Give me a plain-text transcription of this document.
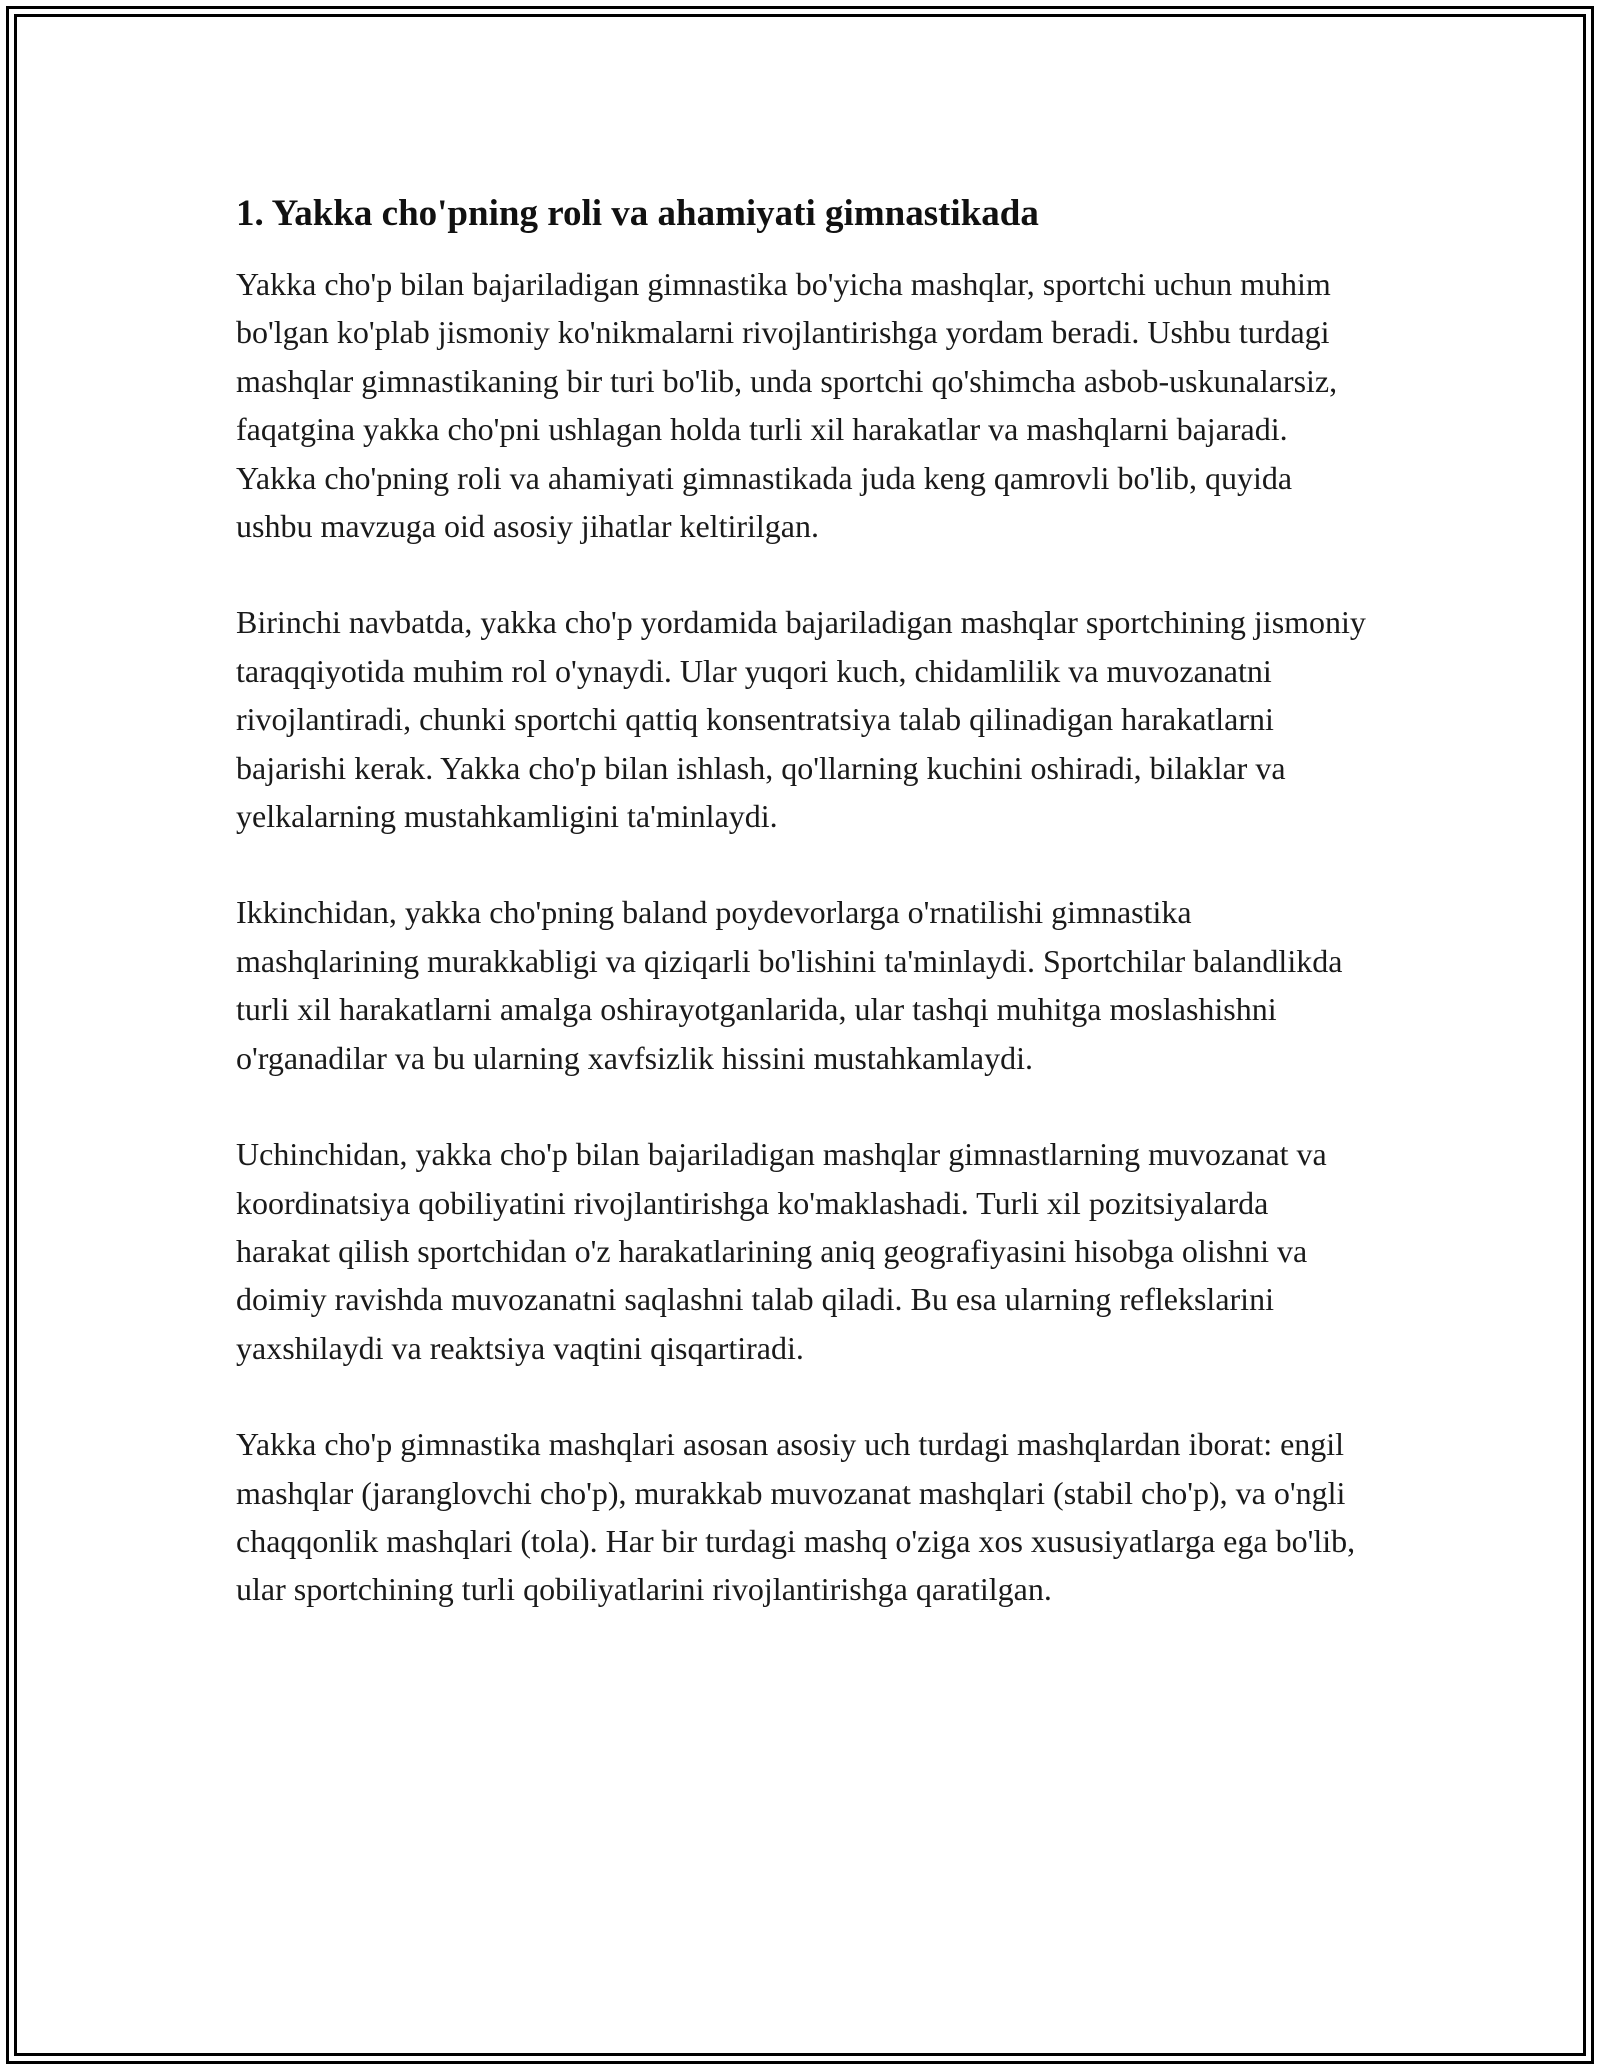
1. Yakka cho'pning roli va ahamiyati gimnastikada

Yakka cho'p bilan bajariladigan gimnastika bo'yicha mashqlar, sportchi uchun muhim bo'lgan ko'plab jismoniy ko'nikmalarni rivojlantirishga yordam beradi. Ushbu turdagi mashqlar gimnastikaning bir turi bo'lib, unda sportchi qo'shimcha asbob-uskunalarsiz, faqatgina yakka cho'pni ushlagan holda turli xil harakatlar va mashqlarni bajaradi. Yakka cho'pning roli va ahamiyati gimnastikada juda keng qamrovli bo'lib, quyida ushbu mavzuga oid asosiy jihatlar keltirilgan.

Birinchi navbatda, yakka cho'p yordamida bajariladigan mashqlar sportchining jismoniy taraqqiyotida muhim rol o'ynaydi. Ular yuqori kuch, chidamlilik va muvozanatni rivojlantiradi, chunki sportchi qattiq konsentratsiya talab qilinadigan harakatlarni bajarishi kerak. Yakka cho'p bilan ishlash, qo'llarning kuchini oshiradi, bilaklar va yelkalarning mustahkamligini ta'minlaydi.

Ikkinchidan, yakka cho'pning baland poydevorlarga o'rnatilishi gimnastika mashqlarining murakkabligi va qiziqarli bo'lishini ta'minlaydi. Sportchilar balandlikda turli xil harakatlarni amalga oshirayotganlarida, ular tashqi muhitga moslashishni o'rganadilar va bu ularning xavfsizlik hissini mustahkamlaydi.

Uchinchidan, yakka cho'p bilan bajariladigan mashqlar gimnastlarning muvozanat va koordinatsiya qobiliyatini rivojlantirishga ko'maklashadi. Turli xil pozitsiyalarda harakat qilish sportchidan o'z harakatlarining aniq geografiyasini hisobga olishni va doimiy ravishda muvozanatni saqlashni talab qiladi. Bu esa ularning reflekslarini yaxshilaydi va reaktsiya vaqtini qisqartiradi.

Yakka cho'p gimnastika mashqlari asosan asosiy uch turdagi mashqlardan iborat: engil mashqlar (jaranglovchi cho'p), murakkab muvozanat mashqlari (stabil cho'p), va o'ngli chaqqonlik mashqlari (tola). Har bir turdagi mashq o'ziga xos xususiyatlarga ega bo'lib, ular sportchining turli qobiliyatlarini rivojlantirishga qaratilgan.
